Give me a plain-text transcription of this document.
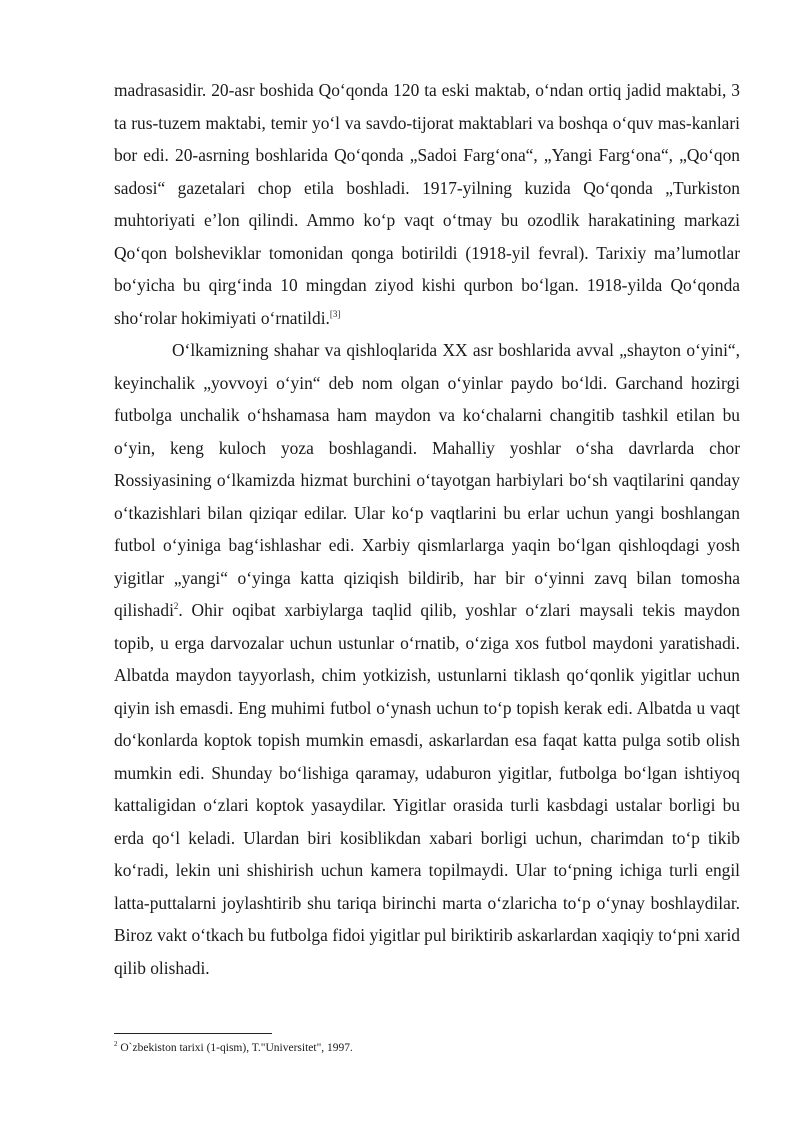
madrasasidir. 20-asr boshida Qo‘qonda 120 ta eski maktab, o‘ndan ortiq jadid maktabi, 3 ta rus-tuzem maktabi, temir yo‘l va savdo-tijorat maktablari va boshqa o‘quv mas-kanlari bor edi. 20-asrning boshlarida Qo‘qonda „Sadoi Farg‘ona“, „Yangi Farg‘ona“, „Qo‘qon sadosi“ gazetalari chop etila boshladi. 1917-yilning kuzida Qo‘qonda „Turkiston muhtoriyati e’lon qilindi. Ammo ko‘p vaqt o‘tmay bu ozodlik harakatining markazi Qo‘qon bolsheviklar tomonidan qonga botirildi (1918-yil fevral). Tarixiy ma’lumotlar bo‘yicha bu qirg‘inda 10 mingdan ziyod kishi qurbon bo‘lgan. 1918-yilda Qo‘qonda sho‘rolar hokimiyati o‘rnatildi.[3]

O‘lkamizning shahar va qishloqlarida XX asr boshlarida avval „shayton o‘yini“, keyinchalik „yovvoyi o‘yin“ deb nom olgan o‘yinlar paydo bo‘ldi. Garchand hozirgi futbolga unchalik o‘hshamasa ham maydon va ko‘chalarni changitib tashkil etilan bu o‘yin, keng kuloch yoza boshlagandi. Mahalliy yoshlar o‘sha davrlarda chor Rossiyasining o‘lkamizda hizmat burchini o‘tayotgan harbiylari bo‘sh vaqtilarini qanday o‘tkazishlari bilan qiziqar edilar. Ular ko‘p vaqtlarini bu erlar uchun yangi boshlangan futbol o‘yiniga bag‘ishlashar edi. Xarbiy qismlarlarga yaqin bo‘lgan qishloqdagi yosh yigitlar „yangi“ o‘yinga katta qiziqish bildirib, har bir o‘yinni zavq bilan tomosha qilishadi$^2$. Ohir oqibat xarbiylarga taqlid qilib, yoshlar o‘zlari maysali tekis maydon topib, u erga darvozalar uchun ustunlar o‘rnatib, o‘ziga xos futbol maydoni yaratishadi. Albatda maydon tayyorlash, chim yotkizish, ustunlarni tiklash qo‘qonlik yigitlar uchun qiyin ish emasdi. Eng muhimi futbol o‘ynash uchun to‘p topish kerak edi. Albatda u vaqt do‘konlarda koptok topish mumkin emasdi, askarlardan esa faqat katta pulga sotib olish mumkin edi. Shunday bo‘lishiga qaramay, udaburon yigitlar, futbolga bo‘lgan ishtiyoq kattaligidan o‘zlari koptok yasaydilar. Yigitlar orasida turli kasbdagi ustalar borligi bu erda qo‘l keladi. Ulardan biri kosiblikdan xabari borligi uchun, charimdan to‘p tikib ko‘radi, lekin uni shishirish uchun kamera topilmaydi. Ular to‘pning ichiga turli engil latta-puttalarni joylashtirib shu tariqa birinchi marta o‘zlaricha to‘p o‘ynay boshlaydilar. Biroz vakt o‘tkach bu futbolga fidoi yigitlar pul biriktirib askarlardan xaqiqiy to‘pni xarid qilib olishadi.

$^2$ O`zbekiston tarixi (1-qism), T."Universitet", 1997.
